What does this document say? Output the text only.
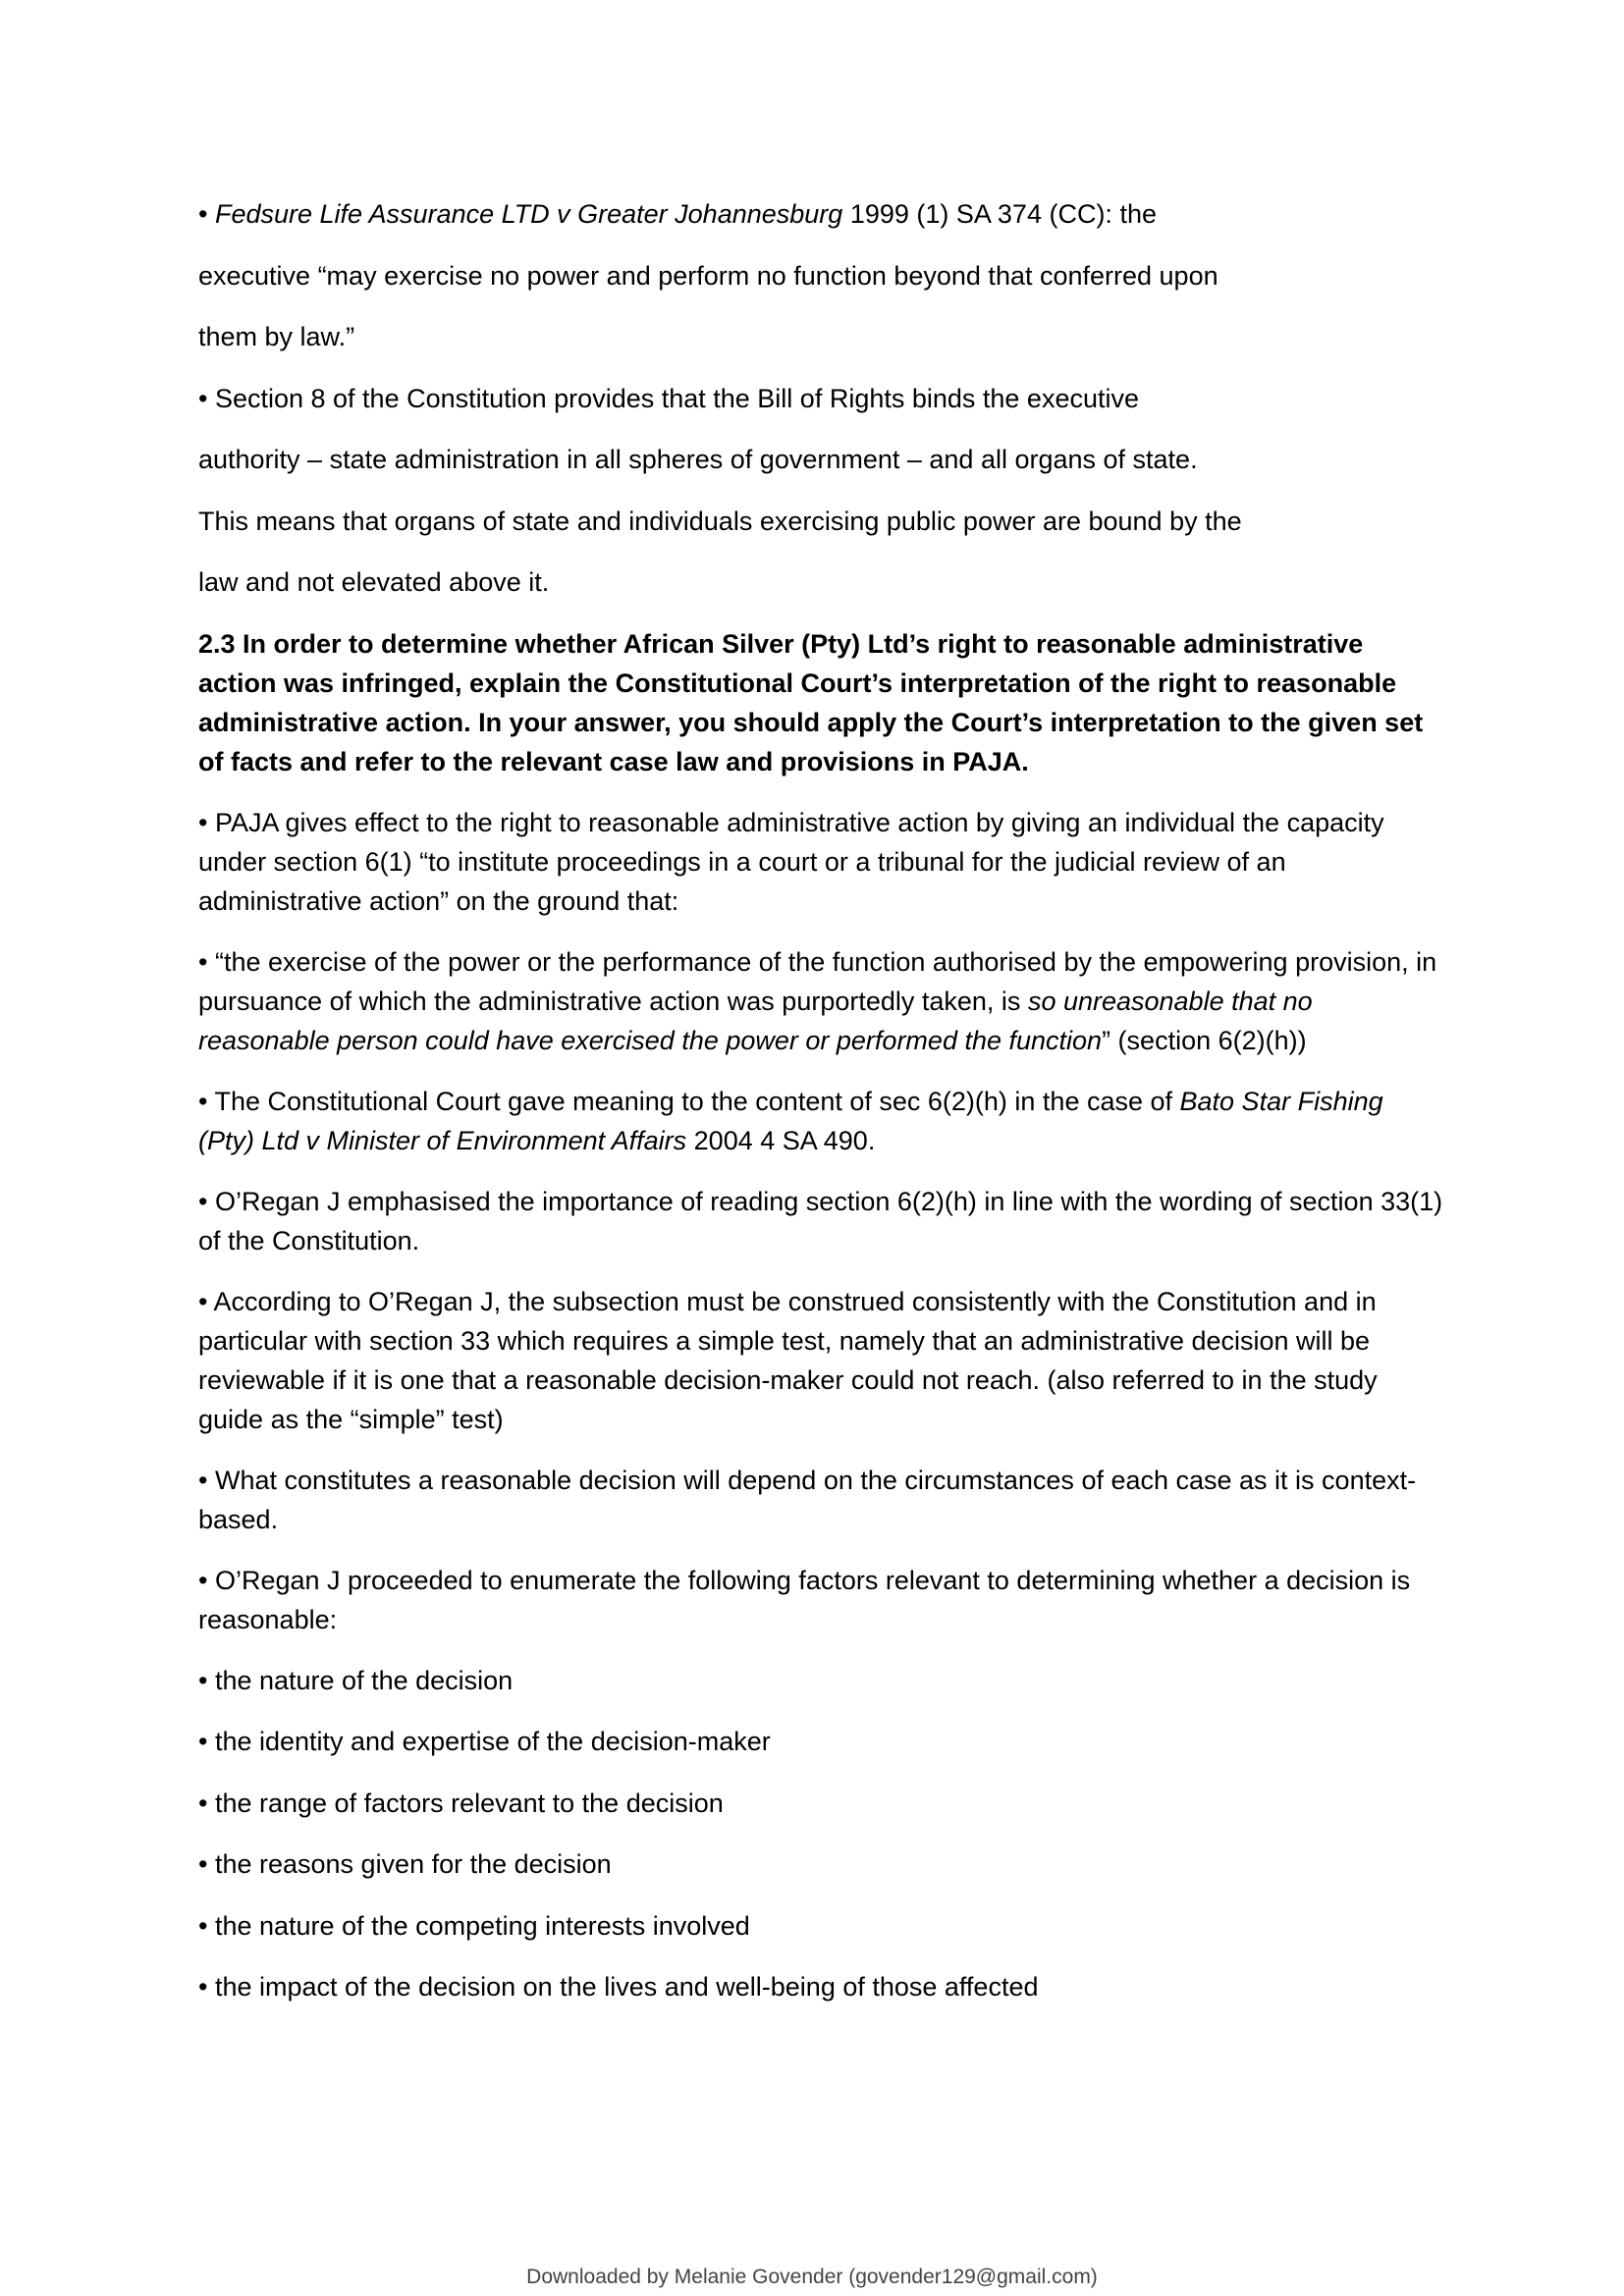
• Fedsure Life Assurance LTD v Greater Johannesburg 1999 (1) SA 374 (CC): the
executive “may exercise no power and perform no function beyond that conferred upon
them by law.”
• Section 8 of the Constitution provides that the Bill of Rights binds the executive
authority – state administration in all spheres of government – and all organs of state.
This means that organs of state and individuals exercising public power are bound by the
law and not elevated above it.
2.3 In order to determine whether African Silver (Pty) Ltd’s right to reasonable administrative action was infringed, explain the Constitutional Court’s interpretation of the right to reasonable administrative action. In your answer, you should apply the Court’s interpretation to the given set of facts and refer to the relevant case law and provisions in PAJA.
• PAJA gives effect to the right to reasonable administrative action by giving an individual the capacity under section 6(1) “to institute proceedings in a court or a tribunal for the judicial review of an administrative action” on the ground that:
• “the exercise of the power or the performance of the function authorised by the empowering provision, in pursuance of which the administrative action was purportedly taken, is so unreasonable that no reasonable person could have exercised the power or performed the function” (section 6(2)(h))
• The Constitutional Court gave meaning to the content of sec 6(2)(h) in the case of Bato Star Fishing (Pty) Ltd v Minister of Environment Affairs 2004 4 SA 490.
• O’Regan J emphasised the importance of reading section 6(2)(h) in line with the wording of section 33(1) of the Constitution.
• According to O’Regan J, the subsection must be construed consistently with the Constitution and in particular with section 33 which requires a simple test, namely that an administrative decision will be reviewable if it is one that a reasonable decision-maker could not reach. (also referred to in the study guide as the “simple” test)
• What constitutes a reasonable decision will depend on the circumstances of each case as it is context-based.
• O’Regan J proceeded to enumerate the following factors relevant to determining whether a decision is reasonable:
• the nature of the decision
• the identity and expertise of the decision-maker
• the range of factors relevant to the decision
• the reasons given for the decision
• the nature of the competing interests involved
• the impact of the decision on the lives and well-being of those affected
Downloaded by Melanie Govender (govender129@gmail.com)
